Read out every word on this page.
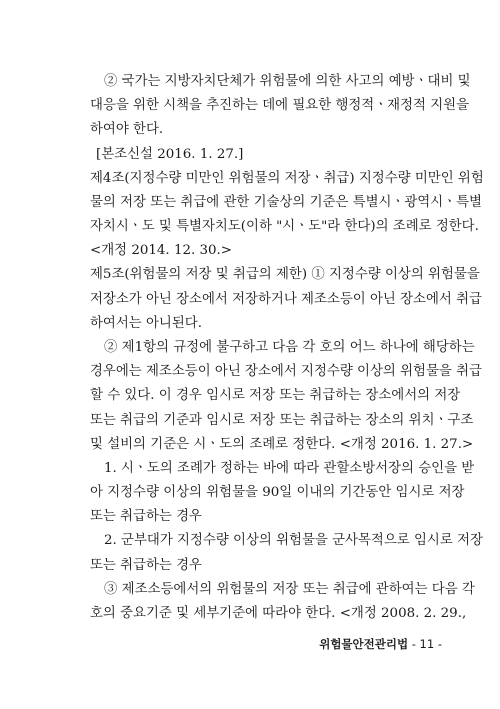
② 국가는 지방자치단체가 위험물에 의한 사고의 예방ㆍ대비 및
대응을 위한 시책을 추진하는 데에 필요한 행정적ㆍ재정적 지원을
하여야 한다.
[본조신설 2016. 1. 27.]
제4조(지정수량 미만인 위험물의 저장ㆍ취급) 지정수량 미만인 위험
물의 저장 또는 취급에 관한 기술상의 기준은 특별시ㆍ광역시ㆍ특별
자치시ㆍ도 및 특별자치도(이하 "시ㆍ도"라 한다)의 조례로 정한다.
<개정 2014. 12. 30.>
제5조(위험물의 저장 및 취급의 제한) ① 지정수량 이상의 위험물을
저장소가 아닌 장소에서 저장하거나 제조소등이 아닌 장소에서 취급
하여서는 아니된다.
② 제1항의 규정에 불구하고 다음 각 호의 어느 하나에 해당하는
경우에는 제조소등이 아닌 장소에서 지정수량 이상의 위험물을 취급
할 수 있다. 이 경우 임시로 저장 또는 취급하는 장소에서의 저장
또는 취급의 기준과 임시로 저장 또는 취급하는 장소의 위치ㆍ구조
및 설비의 기준은 시ㆍ도의 조례로 정한다. <개정 2016. 1. 27.>
1. 시ㆍ도의 조례가 정하는 바에 따라 관할소방서장의 승인을 받
아 지정수량 이상의 위험물을 90일 이내의 기간동안 임시로 저장
또는 취급하는 경우
2. 군부대가 지정수량 이상의 위험물을 군사목적으로 임시로 저장
또는 취급하는 경우
③ 제조소등에서의 위험물의 저장 또는 취급에 관하여는 다음 각
호의 중요기준 및 세부기준에 따라야 한다. <개정 2008. 2. 29.,
위험물안전관리법 - 11 -
